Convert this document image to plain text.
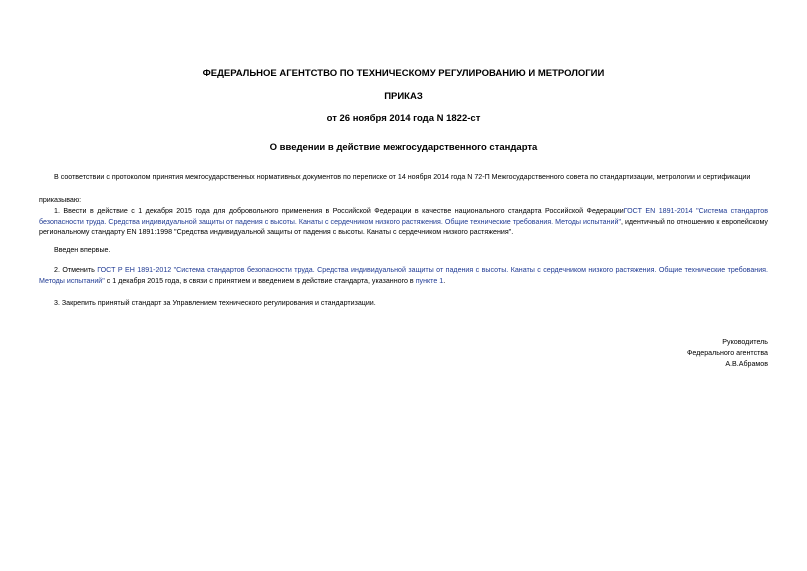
ФЕДЕРАЛЬНОЕ АГЕНТСТВО ПО ТЕХНИЧЕСКОМУ РЕГУЛИРОВАНИЮ И МЕТРОЛОГИИ
ПРИКАЗ
от 26 ноября 2014 года N 1822-ст
О введении в действие межгосударственного стандарта
В соответствии с протоколом принятия межгосударственных нормативных документов по переписке от 14 ноября 2014 года N 72-П Межгосударственного совета по стандартизации, метрологии и сертификации
приказываю:
1. Ввести в действие с 1 декабря 2015 года для добровольного применения в Российской Федерации в качестве национального стандарта Российской ФедерацииГОСТ EN 1891-2014 "Система стандартов безопасности труда. Средства индивидуальной защиты от падения с высоты. Канаты с сердечником низкого растяжения. Общие технические требования. Методы испытаний", идентичный по отношению к европейскому региональному стандарту EN 1891:1998 "Средства индивидуальной защиты от падения с высоты. Канаты с сердечником низкого растяжения".
Введен впервые.
2. Отменить ГОСТ Р ЕН 1891-2012 "Система стандартов безопасности труда. Средства индивидуальной защиты от падения с высоты. Канаты с сердечником низкого растяжения. Общие технические требования. Методы испытаний" с 1 декабря 2015 года, в связи с принятием и введением в действие стандарта, указанного в пункте 1.
3. Закрепить принятый стандарт за Управлением технического регулирования и стандартизации.
Руководитель
Федерального агентства
А.В.Абрамов
